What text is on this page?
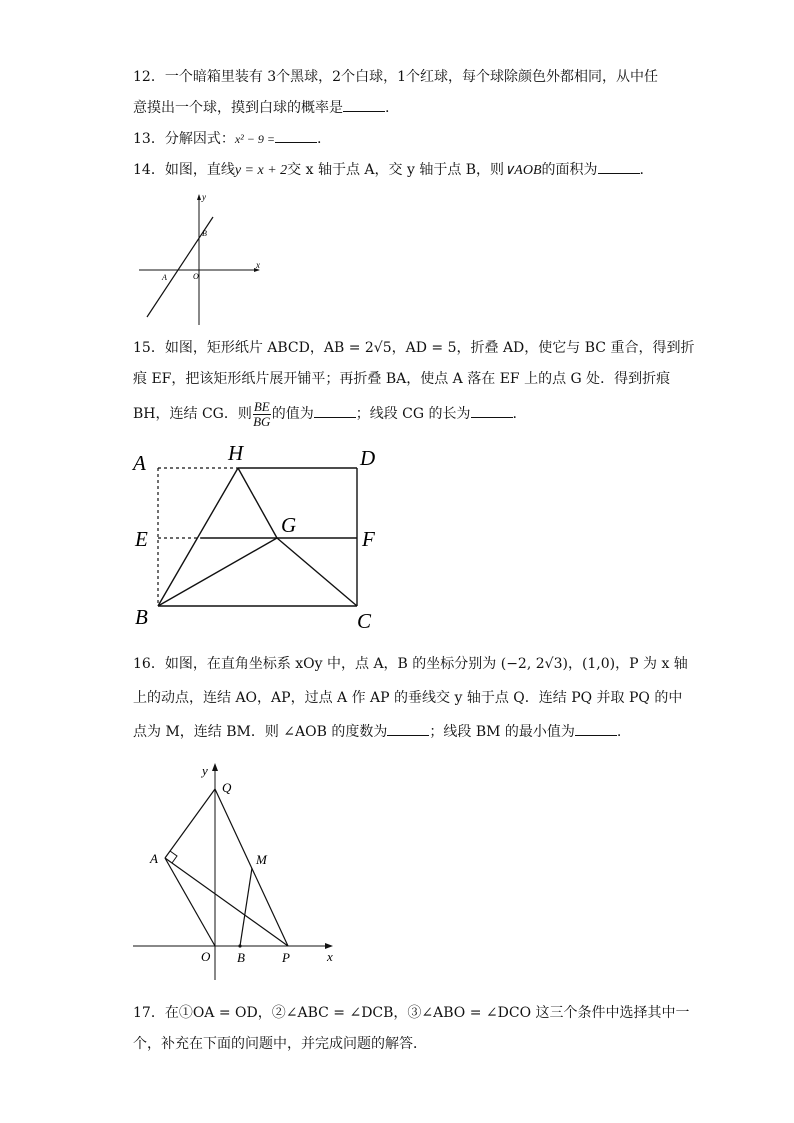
12．一个暗箱里装有 3个黑球，2个白球，1个红球，每个球除颜色外都相同，从中任
意摸出一个球，摸到白球的概率是	.
13．分解因式：x² − 9 =	.
14．如图，直线y = x + 2交 x 轴于点 A，交 y 轴于点 B，则∨AOB的面积为	.
y
x
B
O
A
15．如图，矩形纸片 ABCD，AB = 2√5，AD = 5，折叠 AD，使它与 BC 重合，得到折
痕 EF，把该矩形纸片展开铺平；再折叠 BA，使点 A 落在 EF 上的点 G 处．得到折痕
BH，连结 CG．则 $\frac{BE}{BG}$ 的值为	；线段 CG 的长为	.
A	H	D
E
G
F
B	C
16．如图，在直角坐标系 xOy 中，点 A，B 的坐标分别为 (−2, 2√3)，(1,0)，P 为 x 轴
上的动点，连结 AO，AP，过点 A 作 AP 的垂线交 y 轴于点 Q．连结 PQ 并取 PQ 的中
点为 M，连结 BM．则 ∠AOB 的度数为	；线段 BM 的最小值为	.
y
Q
A	M
O B	P	x
17．在①OA = OD，②∠ABC = ∠DCB，③∠ABO = ∠DCO 这三个条件中选择其中一
个，补充在下面的问题中，并完成问题的解答．
